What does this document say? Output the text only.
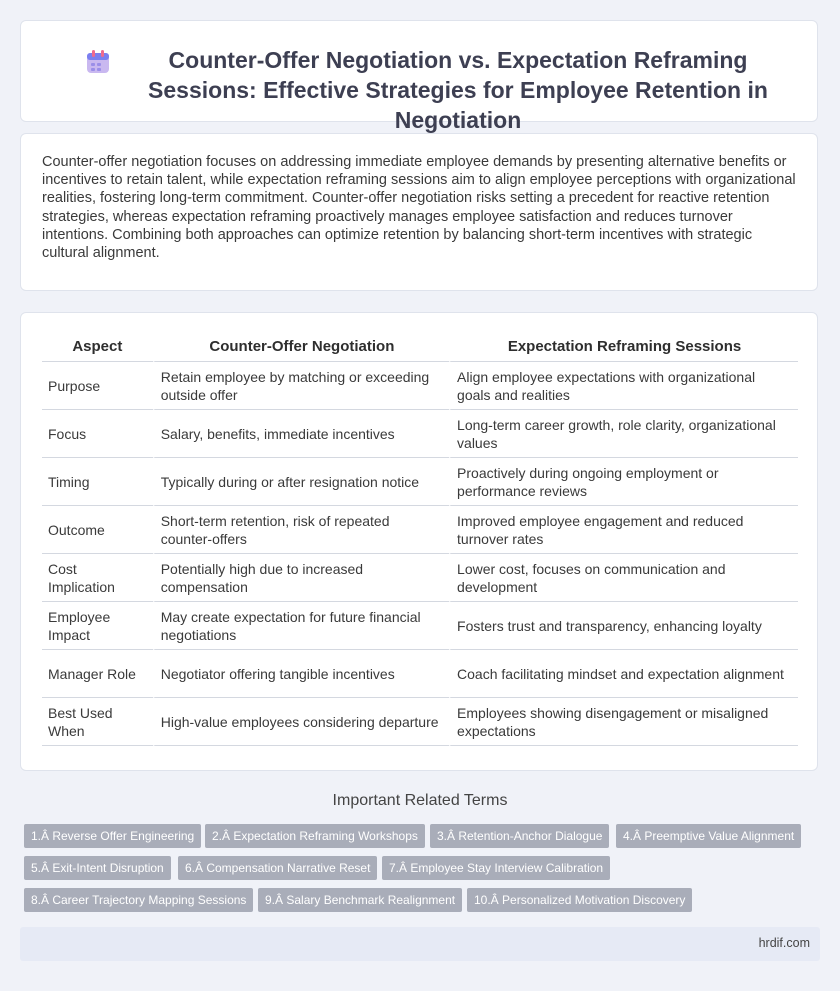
Counter-Offer Negotiation vs. Expectation Reframing Sessions: Effective Strategies for Employee Retention in Negotiation
Counter-offer negotiation focuses on addressing immediate employee demands by presenting alternative benefits or incentives to retain talent, while expectation reframing sessions aim to align employee perceptions with organizational realities, fostering long-term commitment. Counter-offer negotiation risks setting a precedent for reactive retention strategies, whereas expectation reframing proactively manages employee satisfaction and reduces turnover intentions. Combining both approaches can optimize retention by balancing short-term incentives with strategic cultural alignment.
Aspect	Counter-Offer Negotiation	Expectation Reframing Sessions
Purpose	Retain employee by matching or exceeding outside offer	Align employee expectations with organizational goals and realities
Focus	Salary, benefits, immediate incentives	Long-term career growth, role clarity, organizational values
Timing	Typically during or after resignation notice	Proactively during ongoing employment or performance reviews
Outcome	Short-term retention, risk of repeated counter-offers	Improved employee engagement and reduced turnover rates
Cost Implication	Potentially high due to increased compensation	Lower cost, focuses on communication and development
Employee Impact	May create expectation for future financial negotiations	Fosters trust and transparency, enhancing loyalty
Manager Role	Negotiator offering tangible incentives	Coach facilitating mindset and expectation alignment
Best Used When	High-value employees considering departure	Employees showing disengagement or misaligned expectations
Important Related Terms
1.Â Reverse Offer Engineering	2.Â Expectation Reframing Workshops	3.Â Retention-Anchor Dialogue	4.Â Preemptive Value Alignment
5.Â Exit-Intent Disruption	6.Â Compensation Narrative Reset	7.Â Employee Stay Interview Calibration
8.Â Career Trajectory Mapping Sessions	9.Â Salary Benchmark Realignment	10.Â Personalized Motivation Discovery
hrdif.com
